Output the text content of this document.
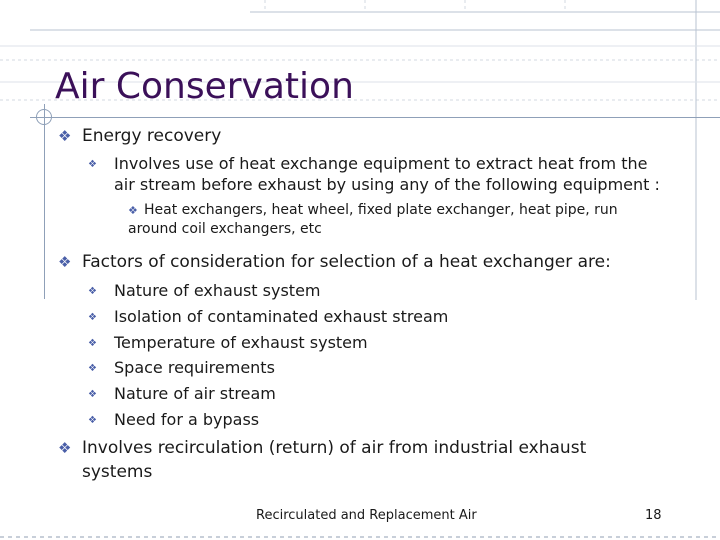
Air Conservation
❖ Energy recovery
❖ Involves use of heat exchange equipment to extract heat from the air stream before exhaust by using any of the following equipment :
❖ Heat exchangers, heat wheel, fixed plate exchanger, heat pipe, run around coil exchangers, etc
❖ Factors of consideration for selection of a heat exchanger are:
❖ Nature of exhaust system
❖ Isolation of contaminated exhaust stream
❖ Temperature of exhaust system
❖ Space requirements
❖ Nature of air stream
❖ Need for a bypass
❖ Involves recirculation (return) of air from industrial exhaust systems
Recirculated and Replacement Air	18
